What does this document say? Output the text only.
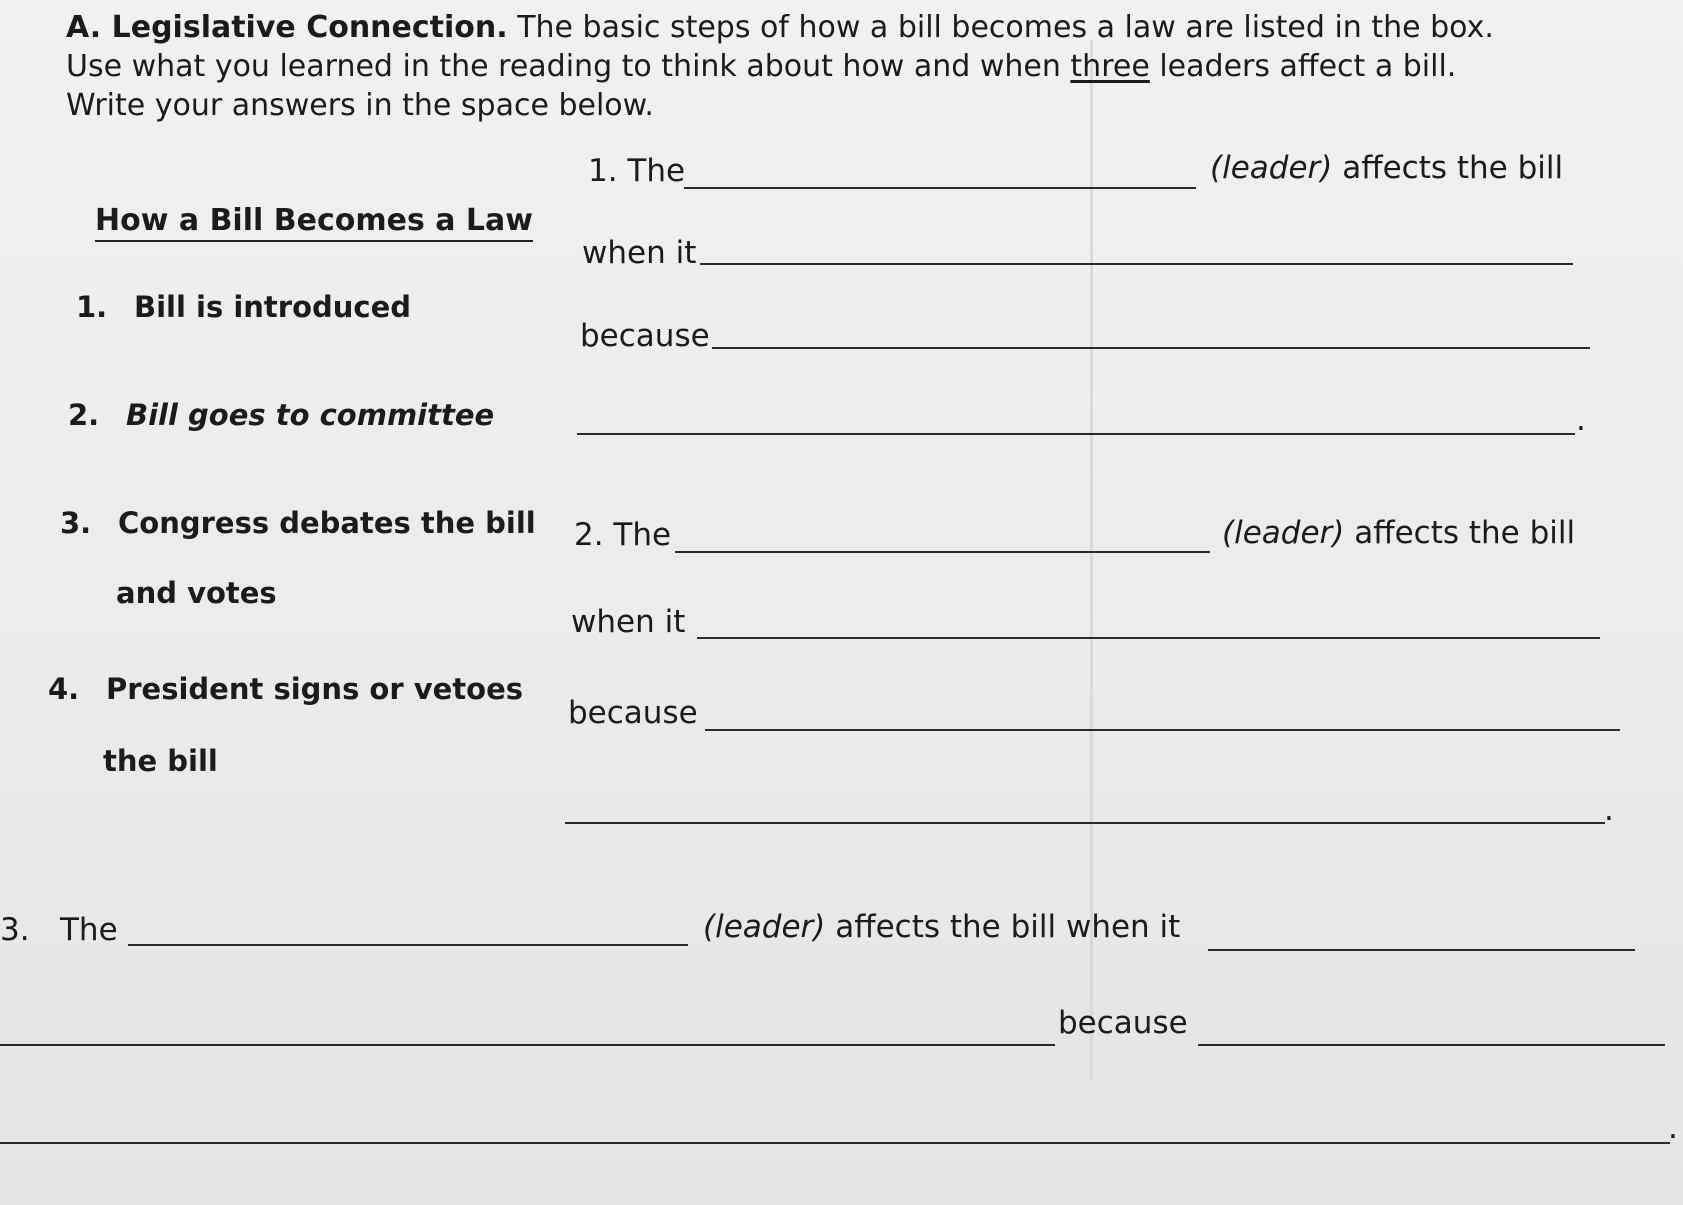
A. Legislative Connection. The basic steps of how a bill becomes a law are listed in the box. Use what you learned in the reading to think about how and when three leaders affect a bill. Write your answers in the space below.
How a Bill Becomes a Law
1. Bill is introduced
2. Bill goes to committee
3. Congress debates the bill
and votes
4. President signs or vetoes
the bill
1. The	(leader) affects the bill
when it
because
.
2. The	(leader) affects the bill
when it
because
.
3. The	(leader) affects the bill when it
because
.
